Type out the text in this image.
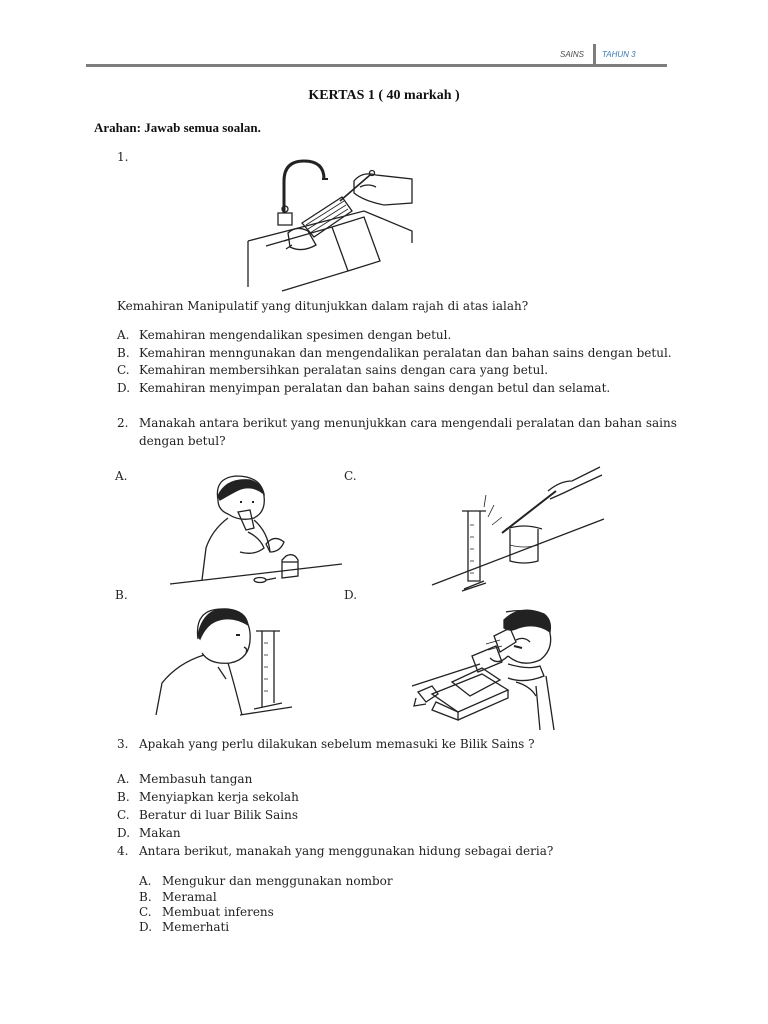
SAINS TAHUN 3
KERTAS 1 ( 40 markah )
Arahan: Jawab semua soalan.
1.
Kemahiran Manipulatif yang ditunjukkan dalam rajah di atas ialah?
A. Kemahiran mengendalikan spesimen dengan betul.
B. Kemahiran menngunakan dan mengendalikan peralatan dan bahan sains dengan betul.
C. Kemahiran membersihkan peralatan sains dengan cara yang betul.
D. Kemahiran menyimpan peralatan dan bahan sains dengan betul dan selamat.
2. Manakah antara berikut yang menunjukkan cara mengendali peralatan dan bahan sains
dengan betul?
A.	C.
B.	D.
3. Apakah yang perlu dilakukan sebelum memasuki ke Bilik Sains ?
A. Membasuh tangan
B. Menyiapkan kerja sekolah
C. Beratur di luar Bilik Sains
D. Makan
4. Antara berikut, manakah yang menggunakan hidung sebagai deria?
A. Mengukur dan menggunakan nombor
B. Meramal
C. Membuat inferens
D. Memerhati
